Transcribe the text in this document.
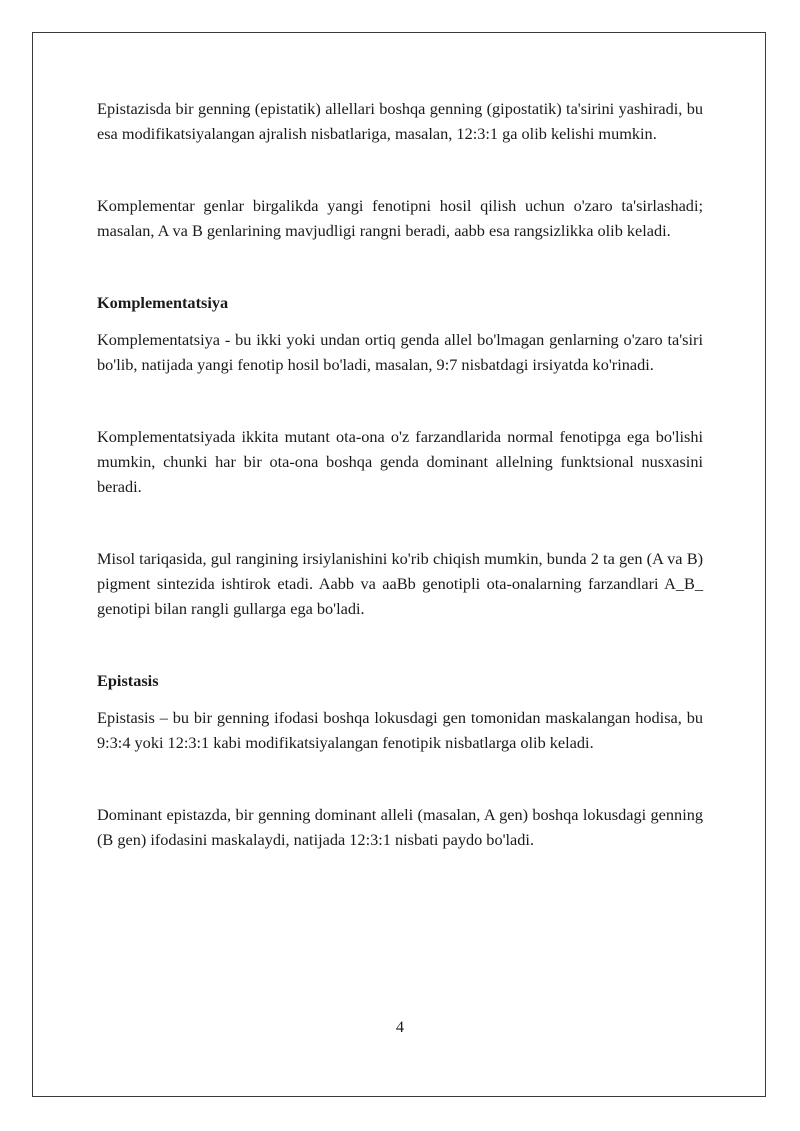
Epistazisda bir genning (epistatik) allellari boshqa genning (gipostatik) ta'sirini yashiradi, bu esa modifikatsiyalangan ajralish nisbatlariga, masalan, 12:3:1 ga olib kelishi mumkin.

Komplementar genlar birgalikda yangi fenotipni hosil qilish uchun o'zaro ta'sirlashadi; masalan, A va B genlarining mavjudligi rangni beradi, aabb esa rangsizlikka olib keladi.

Komplementatsiya

Komplementatsiya - bu ikki yoki undan ortiq genda allel bo'lmagan genlarning o'zaro ta'siri bo'lib, natijada yangi fenotip hosil bo'ladi, masalan, 9:7 nisbatdagi irsiyatda ko'rinadi.

Komplementatsiyada ikkita mutant ota-ona o'z farzandlarida normal fenotipga ega bo'lishi mumkin, chunki har bir ota-ona boshqa genda dominant allelning funktsional nusxasini beradi.

Misol tariqasida, gul rangining irsiylanishini ko'rib chiqish mumkin, bunda 2 ta gen (A va B) pigment sintezida ishtirok etadi. Aabb va aaBb genotipli ota-onalarning farzandlari A_B_ genotipi bilan rangli gullarga ega bo'ladi.

Epistasis

Epistasis – bu bir genning ifodasi boshqa lokusdagi gen tomonidan maskalangan hodisa, bu 9:3:4 yoki 12:3:1 kabi modifikatsiyalangan fenotipik nisbatlarga olib keladi.

Dominant epistazda, bir genning dominant alleli (masalan, A gen) boshqa lokusdagi genning (B gen) ifodasini maskalaydi, natijada 12:3:1 nisbati paydo bo'ladi.

4
